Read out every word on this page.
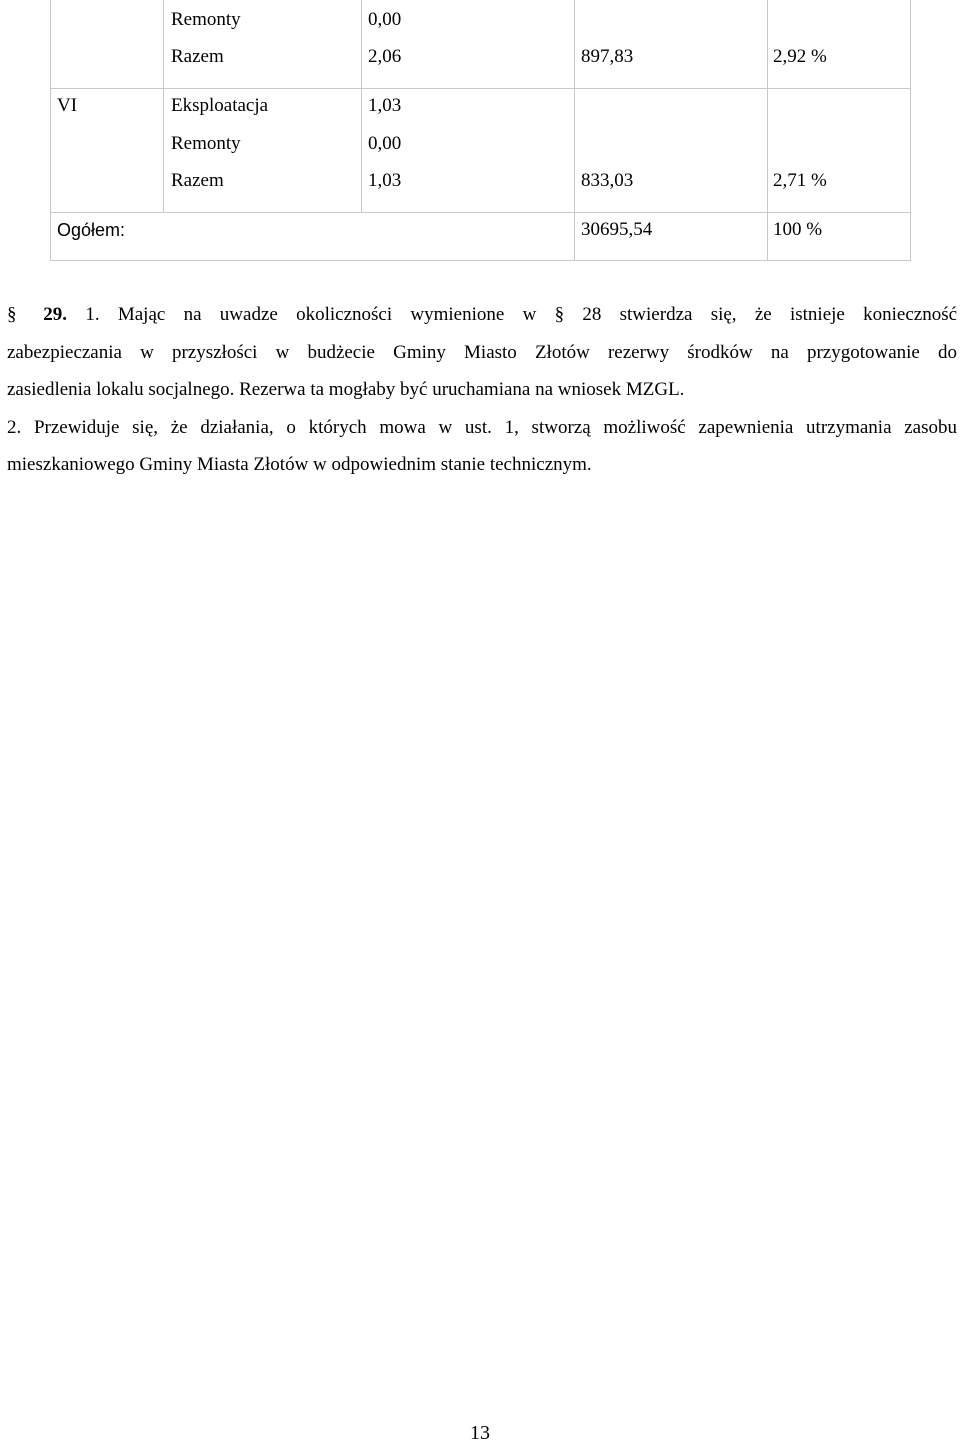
Remonty	0,00
Razem	2,06	897,83	2,92 %
VI	Eksploatacja	1,03
Remonty	0,00
Razem	1,03	833,03	2,71 %
Ogółem:	30695,54	100 %
§ 29. 1. Mając na uwadze okoliczności wymienione w § 28 stwierdza się, że istnieje konieczność
zabezpieczania w przyszłości w budżecie Gminy Miasto Złotów rezerwy środków na przygotowanie do
zasiedlenia lokalu socjalnego. Rezerwa ta mogłaby być uruchamiana na wniosek MZGL.
2. Przewiduje się, że działania, o których mowa w ust. 1, stworzą możliwość zapewnienia utrzymania zasobu
mieszkaniowego Gminy Miasta Złotów w odpowiednim stanie technicznym.
13
